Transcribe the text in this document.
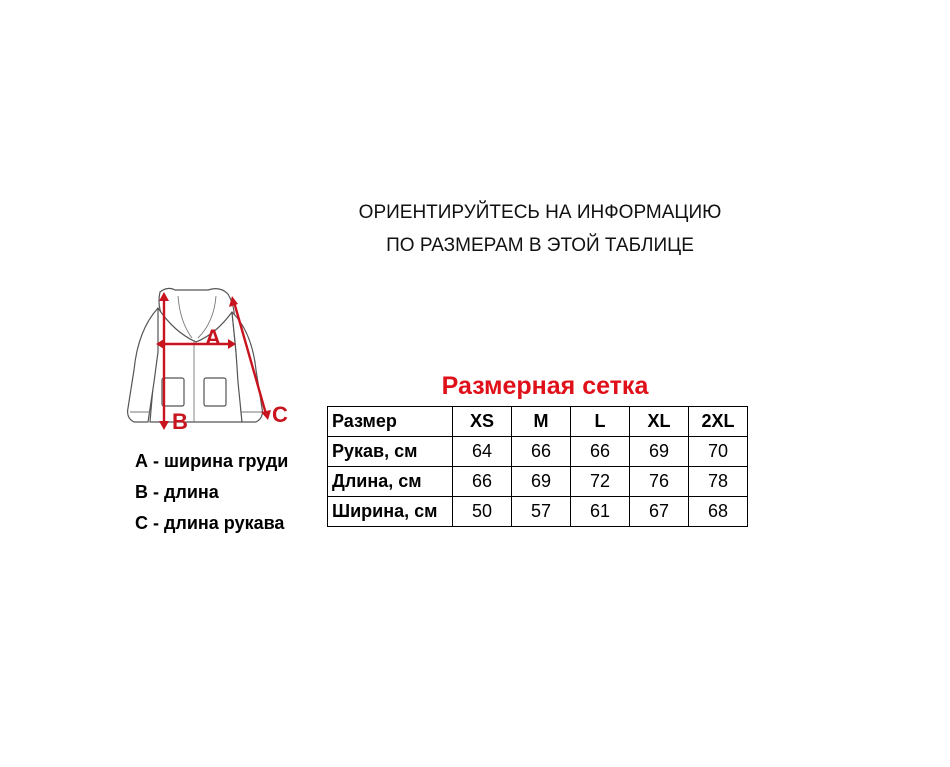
ОРИЕНТИРУЙТЕСЬ НА ИНФОРМАЦИЮ
ПО РАЗМЕРАМ В ЭТОЙ ТАБЛИЦЕ
A
B	C
А - ширина груди
В - длина
С - длина рукава
Размерная сетка
Размер	XS	M	L	XL	2XL
Рукав, см	64	66	66	69	70
Длина, см	66	69	72	76	78
Ширина, см	50	57	61	67	68
